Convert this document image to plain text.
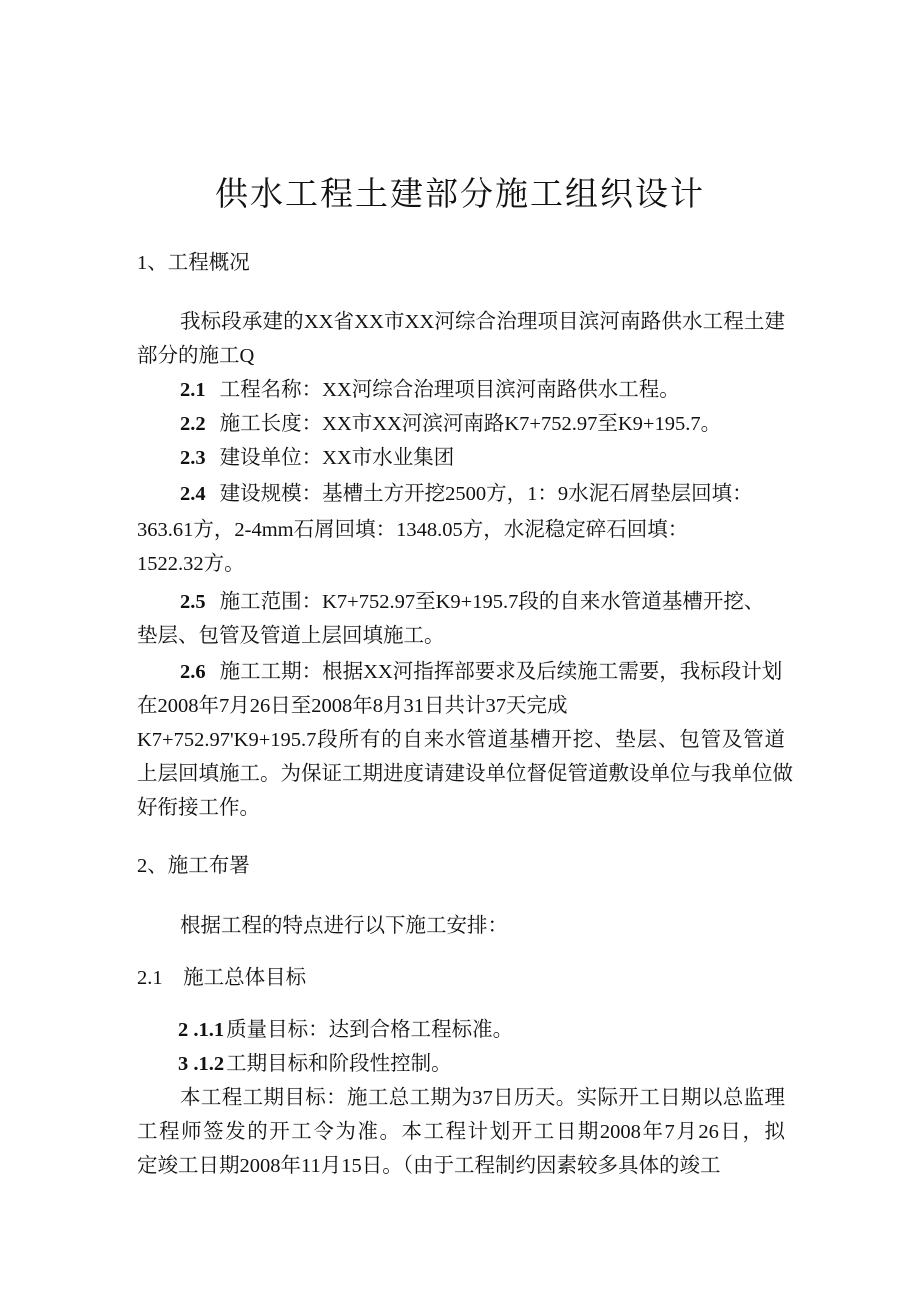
供水工程土建部分施工组织设计
1、工程概况
我标段承建的XX省XX市XX河综合治理项目滨河南路供水工程土建
部分的施工Q
2.1 工程名称：XX河综合治理项目滨河南路供水工程。
2.2 施工长度：XX市XX河滨河南路K7+752.97至K9+195.7。
2.3 建设单位：XX市水业集团
2.4 建设规模：基槽土方开挖2500方，1：9水泥石屑垫层回填：
363.61方，2-4mm石屑回填：1348.05方，水泥稳定碎石回填：
1522.32方。
2.5 施工范围：K7+752.97至K9+195.7段的自来水管道基槽开挖、
垫层、包管及管道上层回填施工。
2.6 施工工期：根据XX河指挥部要求及后续施工需要，我标段计划
在2008年7月26日至2008年8月31日共计37天完成
K7+752.97'K9+195.7段所有的自来水管道基槽开挖、垫层、包管及管道
上层回填施工。为保证工期进度请建设单位督促管道敷设单位与我单位做
好衔接工作。
2、施工布署
根据工程的特点进行以下施工安排：
2.1　施工总体目标
2 .1.1质量目标：达到合格工程标准。
3 .1.2工期目标和阶段性控制。
本工程工期目标：施工总工期为37日历天。实际开工日期以总监理
工程师签发的开工令为准。本工程计划开工日期2008年7月26日，拟
定竣工日期2008年11月15日。（由于工程制约因素较多具体的竣工
